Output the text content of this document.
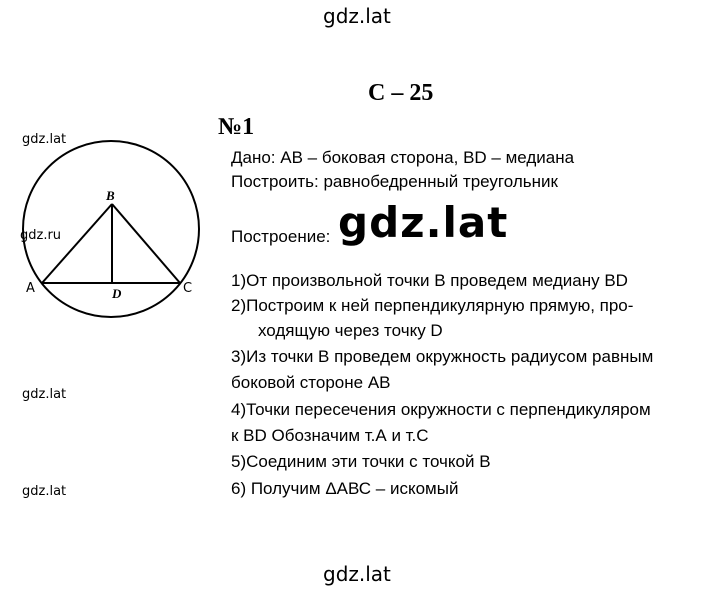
gdz.lat
gdz.lat
gdz.ru
gdz.lat
gdz.lat
gdz.lat
С – 25
№1
Дано: АВ – боковая сторона, BD – медиана
Построить: равнобедренный треугольник
Построение: gdz.lat
1)От произвольной точки В проведем медиану BD
2)Построим к ней перпендикулярную прямую, про-
ходящую через точку D
3)Из точки В проведем окружность радиусом равным
боковой стороне АВ
4)Точки пересечения окружности с перпендикуляром
к BD Обозначим т.А и т.С
5)Соединим эти точки с точкой В
6) Получим ΔАВС – искомый
B
D
A	C
